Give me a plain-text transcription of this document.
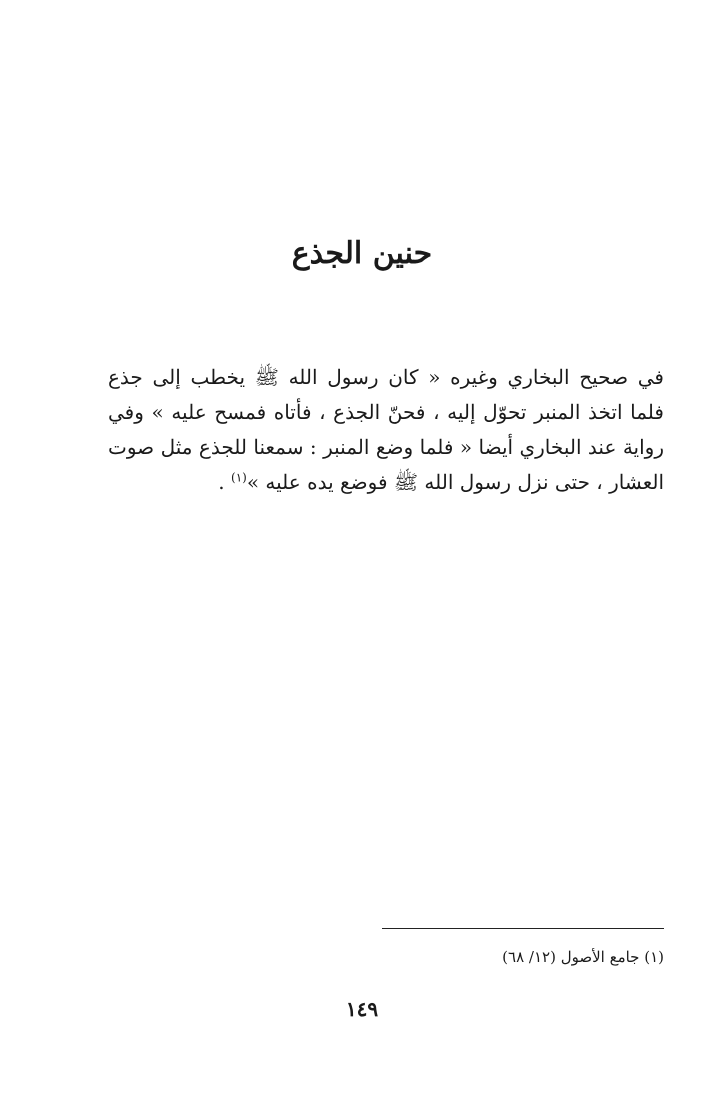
حنين الجذع

في صحيح البخاري وغيره « كان رسول الله ﷺ يخطب إلى جذع فلما اتخذ المنبر تحوّل إليه ، فحنّ الجذع ، فأتاه فمسح عليه » وفي رواية عند البخاري أيضا « فلما وضع المنبر : سمعنا للجذع مثل صوت العشار ، حتى نزل رسول الله ﷺ فوضع يده عليه »$^{(١)}$ .

(١) جامع الأصول (١٢/ ٦٨)

١٤٩
